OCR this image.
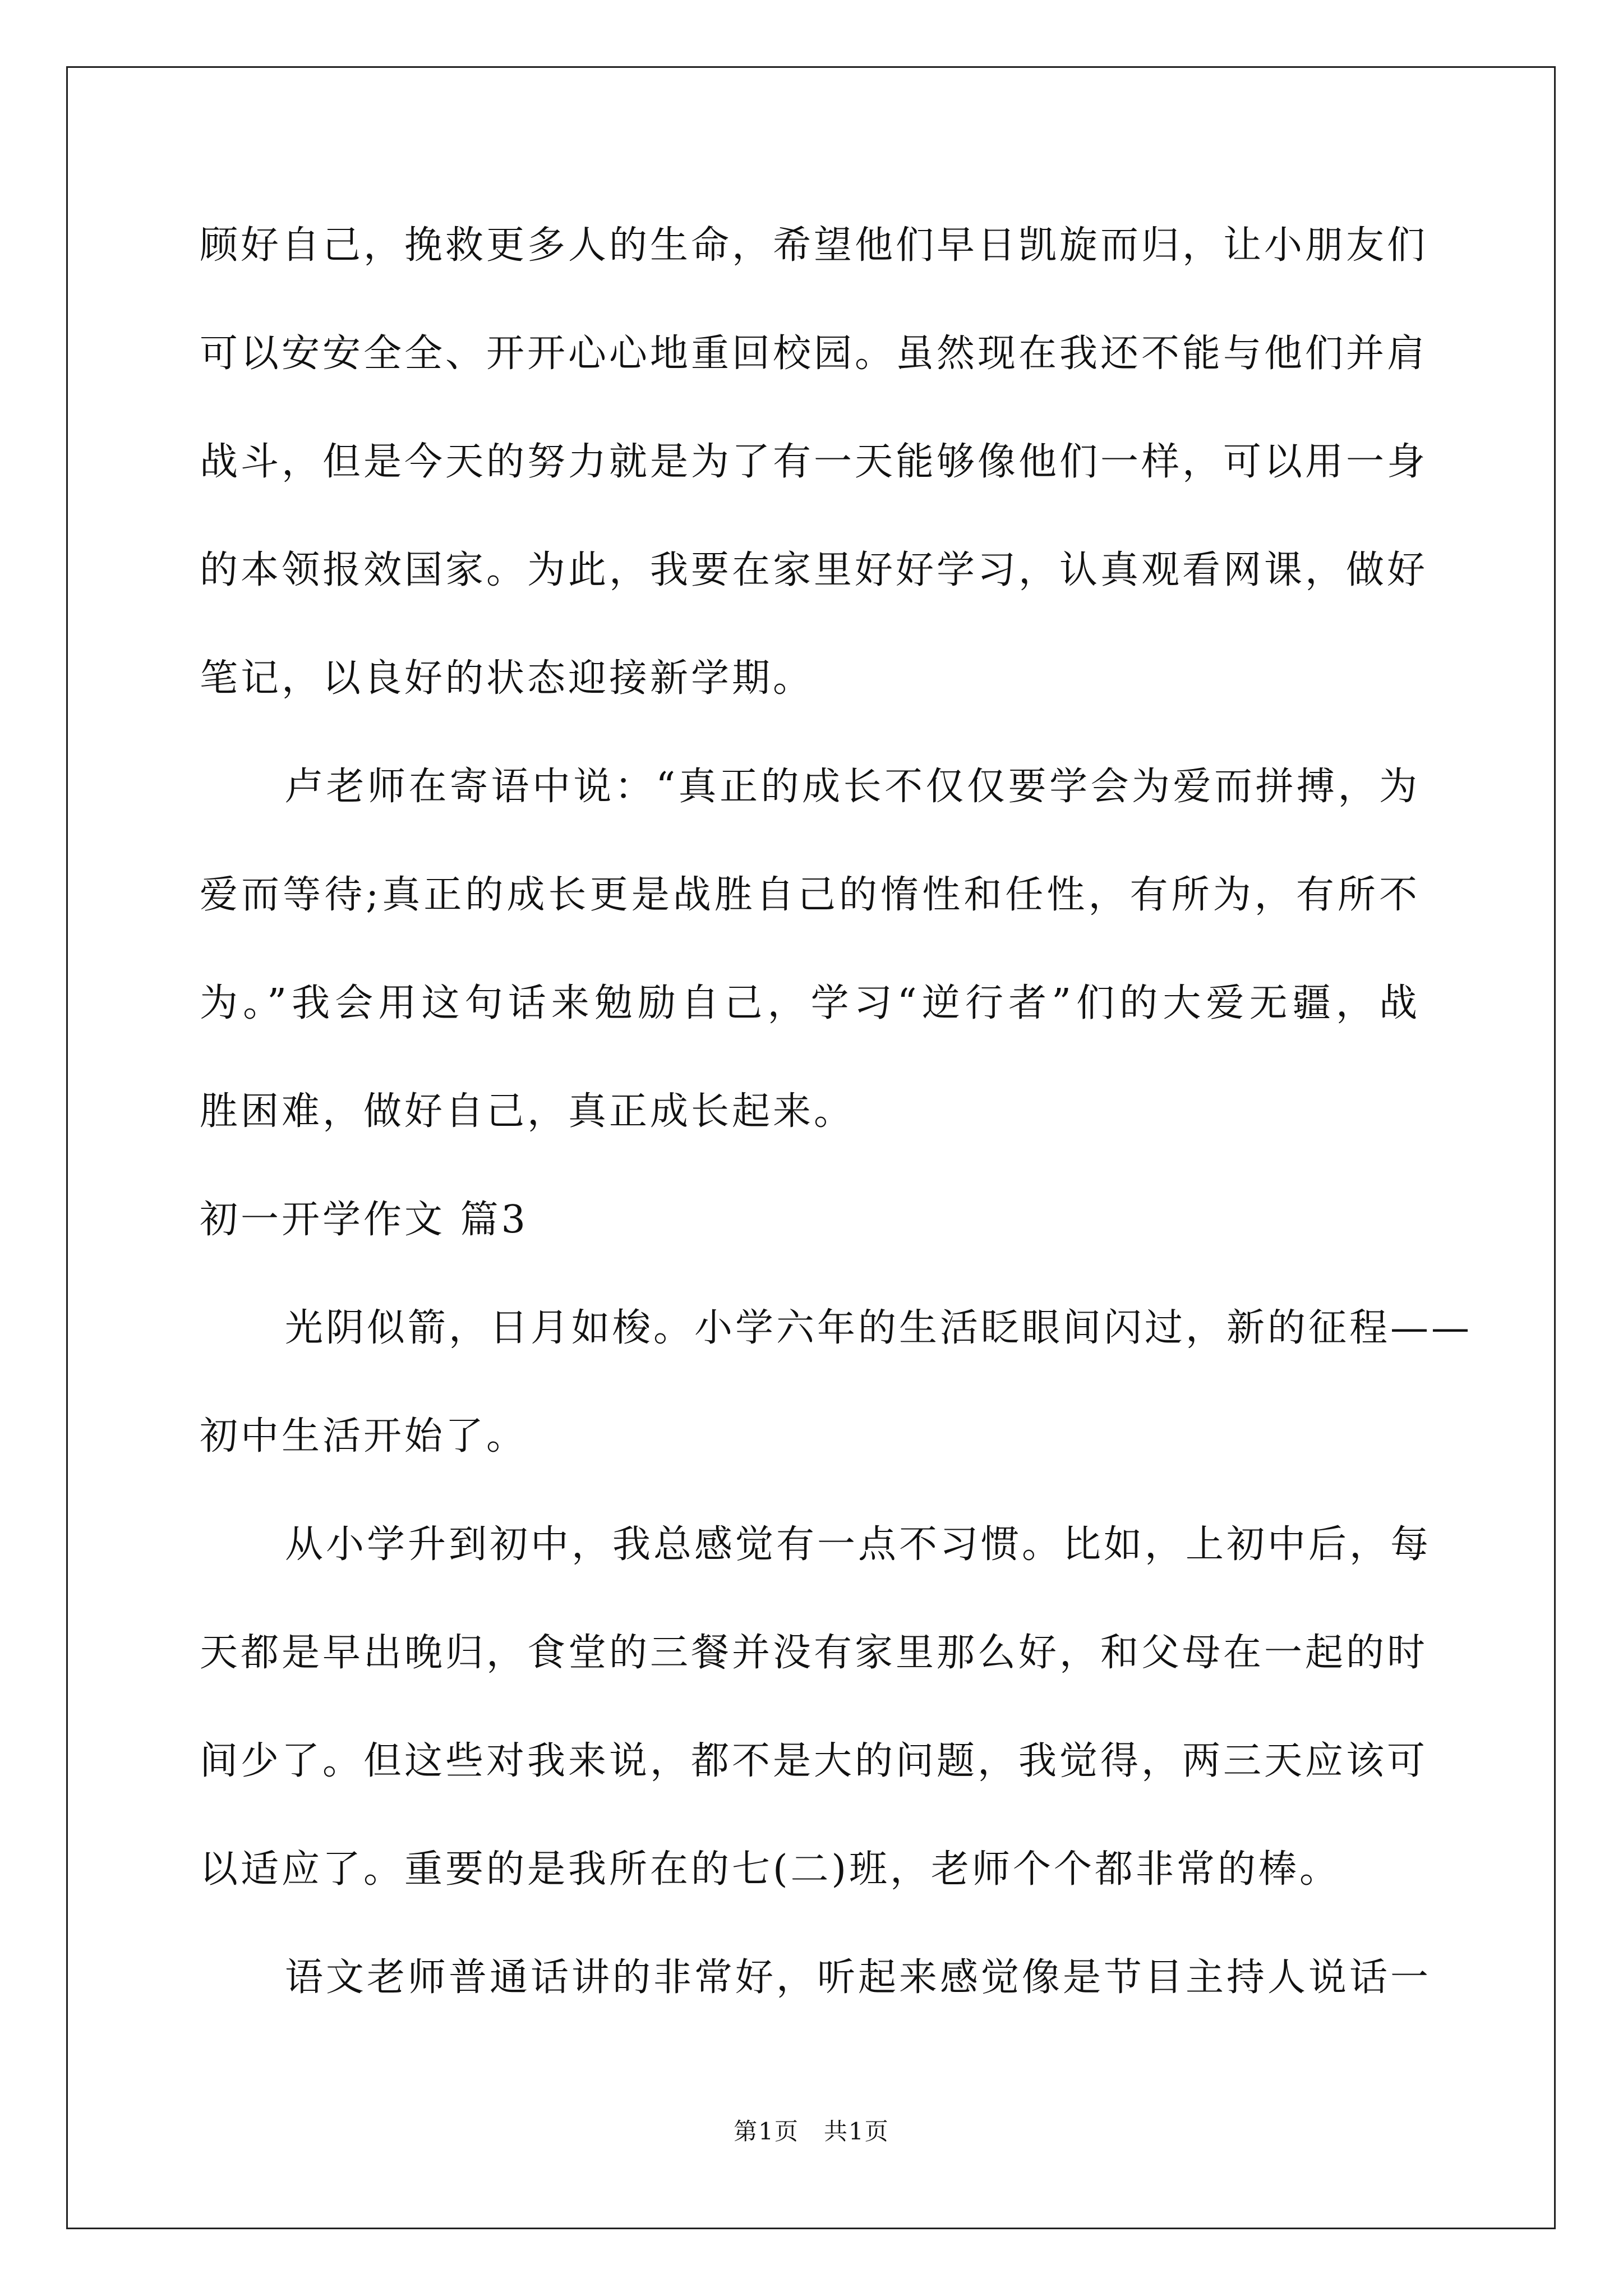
顾好自己，挽救更多人的生命，希望他们早日凯旋而归，让小朋友们
可以安安全全、开开心心地重回校园。虽然现在我还不能与他们并肩
战斗，但是今天的努力就是为了有一天能够像他们一样，可以用一身
的本领报效国家。为此，我要在家里好好学习，认真观看网课，做好
笔记，以良好的状态迎接新学期。
卢老师在寄语中说：“真正的成长不仅仅要学会为爱而拼搏，为
爱而等待;真正的成长更是战胜自己的惰性和任性，有所为，有所不
为。”我会用这句话来勉励自己，学习“逆行者”们的大爱无疆，战
胜困难，做好自己，真正成长起来。
初一开学作文 篇3
光阴似箭，日月如梭。小学六年的生活眨眼间闪过，新的征程——
初中生活开始了。
从小学升到初中，我总感觉有一点不习惯。比如，上初中后，每
天都是早出晚归，食堂的三餐并没有家里那么好，和父母在一起的时
间少了。但这些对我来说，都不是大的问题，我觉得，两三天应该可
以适应了。重要的是我所在的七(二)班，老师个个都非常的棒。
语文老师普通话讲的非常好，听起来感觉像是节目主持人说话一
第1页　共1页
